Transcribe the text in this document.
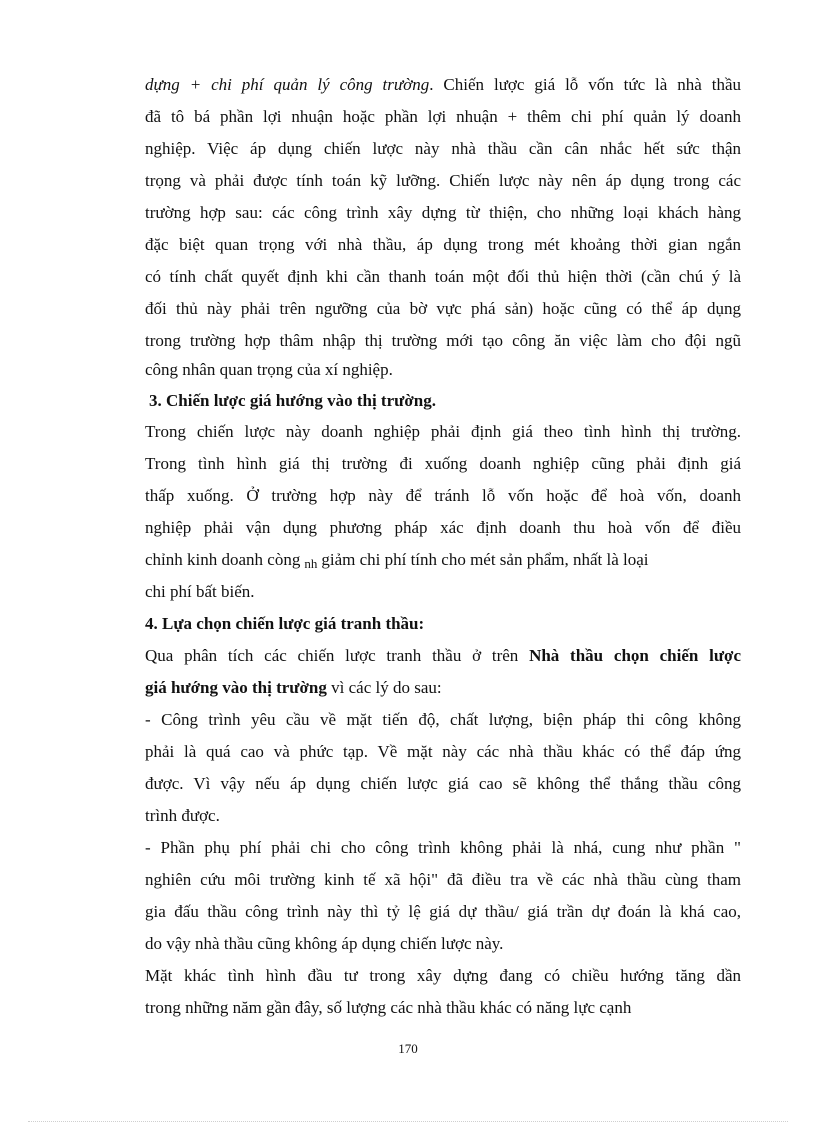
dựng + chi phí quản lý công trường. Chiến lược giá lỗ vốn tức là nhà thầu
đã tô bá phần lợi nhuận hoặc phần lợi nhuận + thêm chi phí quản lý doanh
nghiệp. Việc áp dụng chiến lược này nhà thầu cần cân nhắc hết sức thận
trọng và phải được tính toán kỹ lưỡng. Chiến lược này nên áp dụng trong các
trường hợp sau: các công trình xây dựng từ thiện, cho những loại khách hàng
đặc biệt quan trọng với nhà thầu, áp dụng trong mét khoảng thời gian ngắn
có tính chất quyết định khi cần thanh toán một đối thủ hiện thời (cần chú ý là
đối thủ này phải trên ngưỡng của bờ vực phá sản) hoặc cũng có thể áp dụng
trong trường hợp thâm nhập thị trường mới tạo công ăn việc làm cho đội ngũ
công nhân quan trọng của xí nghiệp.
3. Chiến lược giá hướng vào thị trường.
Trong chiến lược này doanh nghiệp phải định giá theo tình hình thị trường.
Trong tình hình giá thị trường đi xuống doanh nghiệp cũng phải định giá
thấp xuống. Ở trường hợp này để tránh lỗ vốn hoặc để hoà vốn, doanh
nghiệp phải vận dụng phương pháp xác định doanh thu hoà vốn để điều
chỉnh kinh doanh còng nh giảm chi phí tính cho mét sản phẩm, nhất là loại
chi phí bất biến.
4. Lựa chọn chiến lược giá tranh thầu:
Qua phân tích các chiến lược tranh thầu ở trên Nhà thầu chọn chiến lược
giá hướng vào thị trường vì các lý do sau:
- Công trình yêu cầu về mặt tiến độ, chất lượng, biện pháp thi công không
phải là quá cao và phức tạp. Về mặt này các nhà thầu khác có thể đáp ứng
được. Vì vậy nếu áp dụng chiến lược giá cao sẽ không thể thắng thầu công
trình được.
- Phần phụ phí phải chi cho công trình không phải là nhá, cung như phần "
nghiên cứu môi trường kinh tế xã hội" đã điều tra về các nhà thầu cùng tham
gia đấu thầu công trình này thì tỷ lệ giá dự thầu/ giá trần dự đoán là khá cao,
do vậy nhà thầu cũng không áp dụng chiến lược này.
Mặt khác tình hình đầu tư trong xây dựng đang có chiều hướng tăng dần
trong những năm gần đây, số lượng các nhà thầu khác có năng lực cạnh
170
